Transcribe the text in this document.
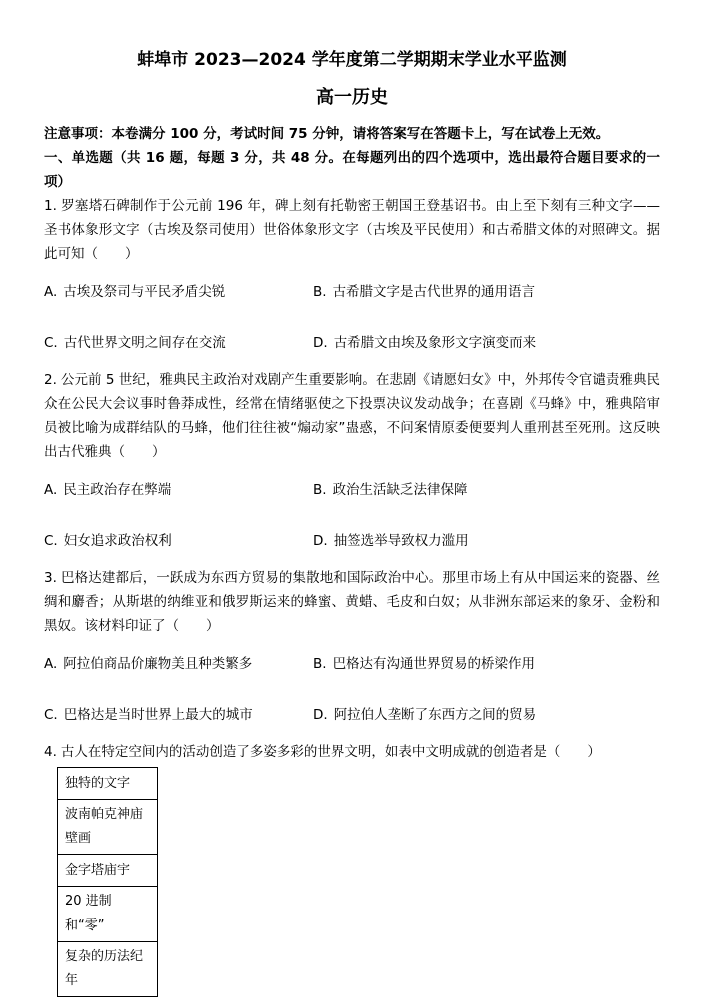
蚌埠市 2023—2024 学年度第二学期期末学业水平监测
高一历史

注意事项：本卷满分 100 分，考试时间 75 分钟，请将答案写在答题卡上，写在试卷上无效。

一、单选题（共 16 题，每题 3 分，共 48 分。在每题列出的四个选项中，选出最符合题目要求的一项）

1. 罗塞塔石碑制作于公元前 196 年，碑上刻有托勒密王朝国王登基诏书。由上至下刻有三种文字——圣书体象形文字（古埃及祭司使用）世俗体象形文字（古埃及平民使用）和古希腊文体的对照碑文。据此可知（　　）

A. 古埃及祭司与平民矛盾尖锐	B. 古希腊文字是古代世界的通用语言

C. 古代世界文明之间存在交流	D. 古希腊文由埃及象形文字演变而来

2. 公元前 5 世纪，雅典民主政治对戏剧产生重要影响。在悲剧《请愿妇女》中，外邦传令官谴责雅典民众在公民大会议事时鲁莽成性，经常在情绪驱使之下投票决议发动战争；在喜剧《马蜂》中，雅典陪审员被比喻为成群结队的马蜂，他们往往被“煽动家”蛊惑，不问案情原委便要判人重刑甚至死刑。这反映出古代雅典（　　）

A. 民主政治存在弊端	B. 政治生活缺乏法律保障

C. 妇女追求政治权利	D. 抽签选举导致权力滥用

3. 巴格达建都后，一跃成为东西方贸易的集散地和国际政治中心。那里市场上有从中国运来的瓷器、丝绸和麝香；从斯堪的纳维亚和俄罗斯运来的蜂蜜、黄蜡、毛皮和白奴；从非洲东部运来的象牙、金粉和黑奴。该材料印证了（　　）

A. 阿拉伯商品价廉物美且种类繁多	B. 巴格达有沟通世界贸易的桥梁作用

C. 巴格达是当时世界上最大的城市	D. 阿拉伯人垄断了东西方之间的贸易

4. 古人在特定空间内的活动创造了多姿多彩的世界文明，如表中文明成就的创造者是（　　）

独特的文字
波南帕克神庙壁画
金字塔庙宇
20 进制和“零”
复杂的历法纪年
